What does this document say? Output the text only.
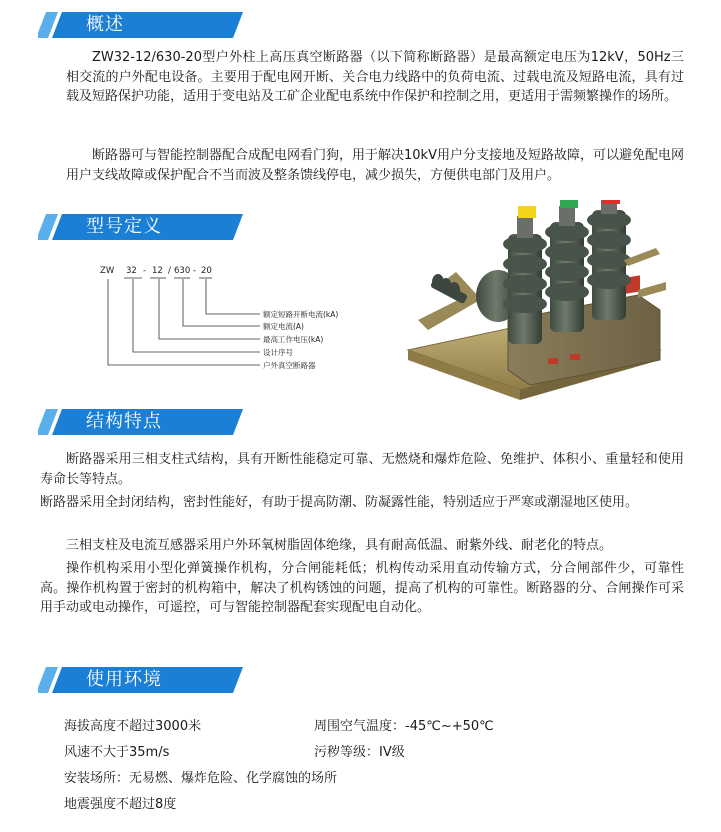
概述
ZW32-12/630-20型户外柱上高压真空断路器（以下简称断路器）是最高额定电压为12kV，50Hz三相交流的户外配电设备。主要用于配电网开断、关合电力线路中的负荷电流、过载电流及短路电流，具有过载及短路保护功能，适用于变电站及工矿企业配电系统中作保护和控制之用，更适用于需频繁操作的场所。
断路器可与智能控制器配合成配电网看门狗，用于解决10kV用户分支接地及短路故障，可以避免配电网用户支线故障或保护配合不当而波及整条馈线停电，减少损失，方便供电部门及用户。
型号定义
ZW 32 - 12 / 630 - 20
额定短路开断电流(kA)
额定电流(A)
最高工作电压(kA)
设计序号
户外真空断路器
结构特点
断路器采用三相支柱式结构，具有开断性能稳定可靠、无燃烧和爆炸危险、免维护、体积小、重量轻和使用寿命长等特点。
断路器采用全封闭结构，密封性能好，有助于提高防潮、防凝露性能，特别适应于严寒或潮湿地区使用。
三相支柱及电流互感器采用户外环氧树脂固体绝缘，具有耐高低温、耐紫外线、耐老化的特点。
操作机构采用小型化弹簧操作机构，分合闸能耗低；机构传动采用直动传输方式，分合闸部件少，可靠性高。操作机构置于密封的机构箱中，解决了机构锈蚀的问题，提高了机构的可靠性。断路器的分、合闸操作可采用手动或电动操作，可遥控，可与智能控制器配套实现配电自动化。
使用环境
海拔高度不超过3000米	周围空气温度：-45℃~+50℃
风速不大于35m/s	污秽等级：IV级
安装场所：无易燃、爆炸危险、化学腐蚀的场所
地震强度不超过8度
